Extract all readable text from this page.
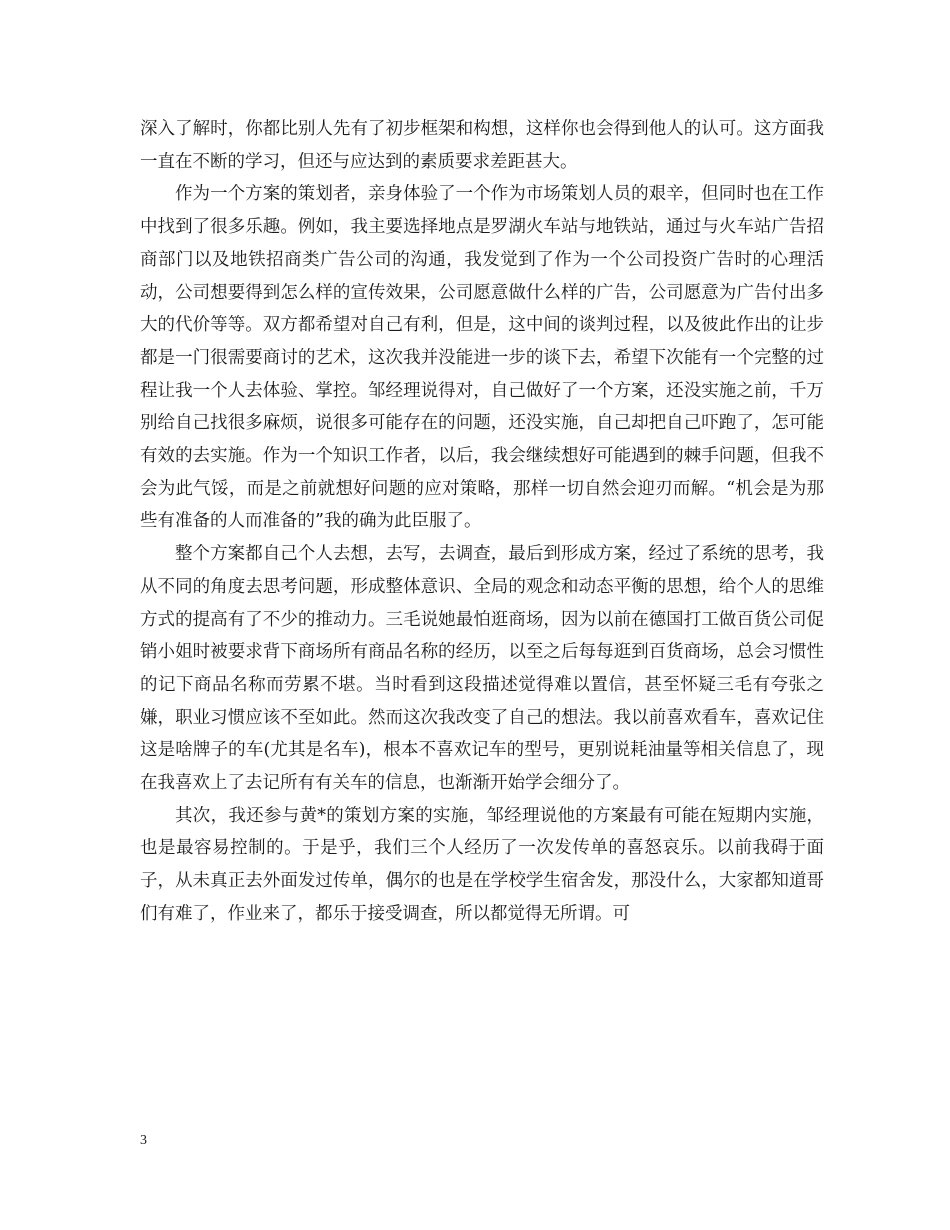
深入了解时，你都比别人先有了初步框架和构想，这样你也会得到他人的认可。这方面我一直在不断的学习，但还与应达到的素质要求差距甚大。

作为一个方案的策划者，亲身体验了一个作为市场策划人员的艰辛，但同时也在工作中找到了很多乐趣。例如，我主要选择地点是罗湖火车站与地铁站，通过与火车站广告招商部门以及地铁招商类广告公司的沟通，我发觉到了作为一个公司投资广告时的心理活动，公司想要得到怎么样的宣传效果，公司愿意做什么样的广告，公司愿意为广告付出多大的代价等等。双方都希望对自己有利，但是，这中间的谈判过程，以及彼此作出的让步都是一门很需要商讨的艺术，这次我并没能进一步的谈下去，希望下次能有一个完整的过程让我一个人去体验、掌控。邹经理说得对，自己做好了一个方案，还没实施之前，千万别给自己找很多麻烦，说很多可能存在的问题，还没实施，自己却把自己吓跑了，怎可能有效的去实施。作为一个知识工作者，以后，我会继续想好可能遇到的棘手问题，但我不会为此气馁，而是之前就想好问题的应对策略，那样一切自然会迎刃而解。“机会是为那些有准备的人而准备的”我的确为此臣服了。

整个方案都自己个人去想，去写，去调查，最后到形成方案，经过了系统的思考，我从不同的角度去思考问题，形成整体意识、全局的观念和动态平衡的思想，给个人的思维方式的提高有了不少的推动力。三毛说她最怕逛商场，因为以前在德国打工做百货公司促销小姐时被要求背下商场所有商品名称的经历，以至之后每每逛到百货商场，总会习惯性的记下商品名称而劳累不堪。当时看到这段描述觉得难以置信，甚至怀疑三毛有夸张之嫌，职业习惯应该不至如此。然而这次我改变了自己的想法。我以前喜欢看车，喜欢记住这是啥牌子的车(尤其是名车)，根本不喜欢记车的型号，更别说耗油量等相关信息了，现在我喜欢上了去记所有有关车的信息，也渐渐开始学会细分了。

其次，我还参与黄*的策划方案的实施，邹经理说他的方案最有可能在短期内实施，也是最容易控制的。于是乎，我们三个人经历了一次发传单的喜怒哀乐。以前我碍于面子，从未真正去外面发过传单，偶尔的也是在学校学生宿舍发，那没什么，大家都知道哥们有难了，作业来了，都乐于接受调查，所以都觉得无所谓。可

3
